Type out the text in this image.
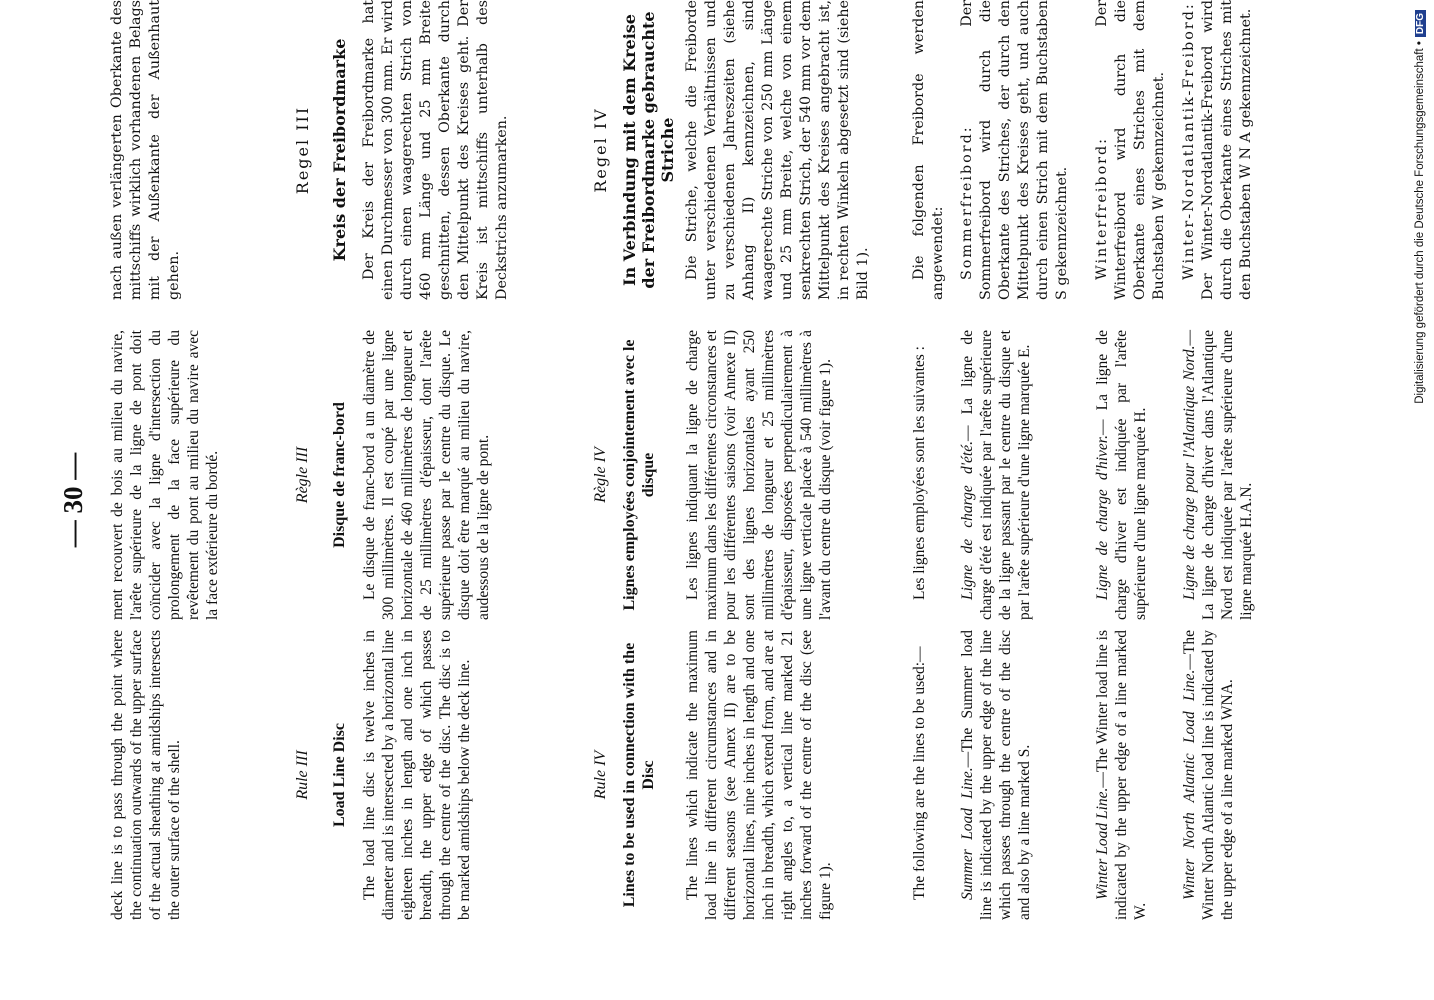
— 30 —

deck line is to pass through the point where the continuation outwards of the upper surface of the actual sheathing at amidships intersects the outer surface of the shell.	Rule III Load Line Disc The load line disc is twelve inches in diameter and is intersected by a horizontal line eighteen inches in length and one inch in breadth, the upper edge of which passes through the centre of the disc. The disc is to be marked amidships below the deck line.	Rule IV Lines to be used in connection with the Disc The lines which indicate the maximum load line in different circumstances and in different seasons (see Annex II) are to be horizontal lines, nine inches in length and one inch in breadth, which extend from, and are at right angles to, a vertical line marked 21 inches forward of the centre of the disc (see figure 1).	The following are the lines to be used:— Summer Load Line.—The Summer load line is indicated by the upper edge of the line which passes through the centre of the disc and also by a line marked S.	Winter Load Line.—The Winter load line is indicated by the upper edge of a line marked W.

Winter North Atlantic Load Line.—The Winter North Atlantic load line is indicated by the upper edge of a line marked WNA.

ment recouvert de bois au milieu du navire, l'arête supérieure de la ligne de pont doit coïncider avec la ligne d'intersection du prolongement de la face supérieure du revêtement du pont au milieu du navire avec la face extérieure du bordé.	Règle III Disque de franc-bord Le disque de franc-bord a un diamètre de 300 millimètres. Il est coupé par une ligne horizontale de 460 millimètres de longueur et de 25 millimètres d'épaisseur, dont l'arête supérieure passe par le centre du disque. Le disque doit être marqué au milieu du navire, audessous de la ligne de pont.	Règle IV Lignes employées conjointement avec le disque Les lignes indiquant la ligne de charge maximum dans les différentes circonstances et pour les différentes saisons (voir Annexe II) sont des lignes horizontales ayant 250 millimètres de longueur et 25 millimètres d'épaisseur, disposées perpendiculairement à une ligne verticale placée à 540 millimètres à l'avant du centre du disque (voir figure 1).	Les lignes employées sont les suivantes : Ligne de charge d'été.— La ligne de charge d'été est indiquée par l'arête supérieure de la ligne passant par le centre du disque et par l'arête supérieure d'une ligne marquée E.	Ligne de charge d'hiver.— La ligne de charge d'hiver est indiquée par l'arête supérieure d'une ligne marquée H. Ligne de charge pour l'Atlantique Nord.— La ligne de charge d'hiver dans l'Atlantique Nord est indiquée par l'arête supérieure d'une ligne marquée H.A.N.

nach außen verlängerten Oberkante des mittschiffs wirklich vorhandenen Belags mit der Außenkante der Außenhaut gehen.

Regel III Kreis der Freibordmarke Der Kreis der Freibordmarke hat einen Durchmesser von 300 mm. Er wird durch einen waagerechten Strich von 460 mm Länge und 25 mm Breite geschnitten, dessen Oberkante durch den Mittelpunkt des Kreises geht. Der Kreis ist mittschiffs unterhalb des Deckstrichs anzumarken.	Regel IV In Verbindung mit dem Kreise der Freibordmarke gebrauchte Striche Die Striche, welche die Freiborde unter verschiedenen Verhältnissen und zu verschiedenen Jahreszeiten (siehe Anhang II) kennzeichnen, sind waagerechte Striche von 250 mm Länge und 25 mm Breite, welche von einem senkrechten Strich, der 540 mm vor dem Mittelpunkt des Kreises angebracht ist, in rechten Winkeln abgesetzt sind (siehe Bild 1).	Die folgenden Freiborde werden angewendet: Sommerfreibord: Der Sommerfreibord wird durch die Oberkante des Striches, der durch den Mittelpunkt des Kreises geht, und auch durch einen Strich mit dem Buchstaben S gekennzeichnet. Winterfreibord: Der Winterfreibord wird durch die Oberkante eines Striches mit dem Buchstaben W gekennzeichnet. Winter-Nordatlantik-Freibord: Der Winter-Nordatlantik-Freibord wird durch die Oberkante eines Striches mit den Buchstaben W N A gekennzeichnet.	Digitalisierung gefördert durch die Deutsche Forschungsgemeinschaft •
DFG
